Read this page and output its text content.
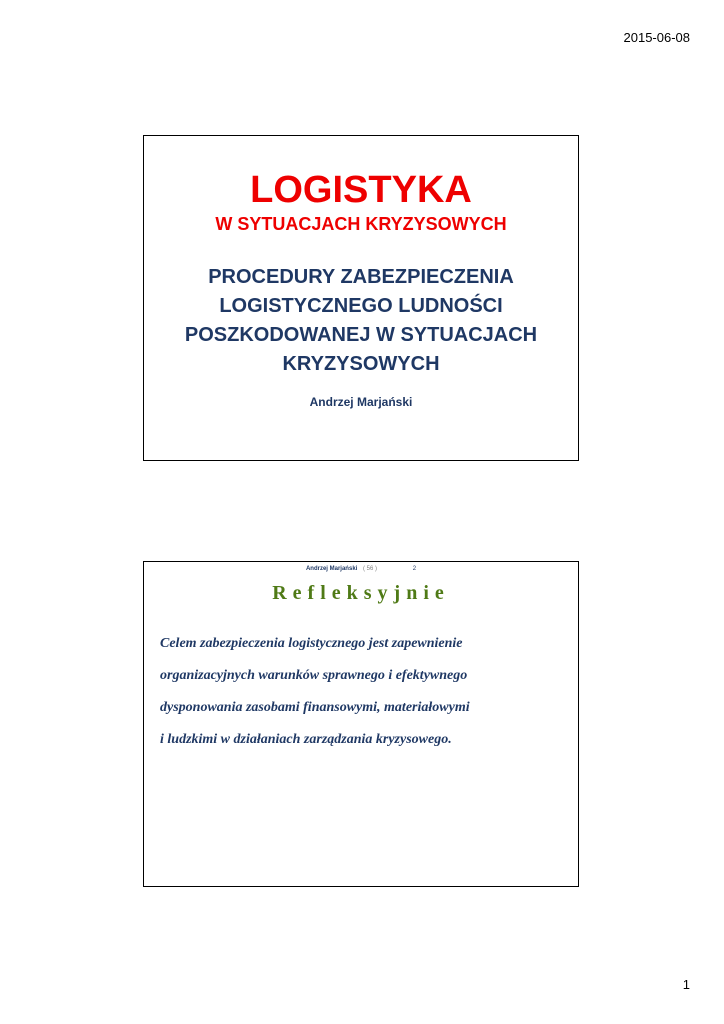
2015-06-08
LOGISTYKA
W SYTUACJACH KRYZYSOWYCH
PROCEDURY ZABEZPIECZENIA
LOGISTYCZNEGO LUDNOŚCI
POSZKODOWANEJ W SYTUACJACH
KRYZYSOWYCH
Andrzej Marjański
Andrzej Marjański ( 56 )	2
Refleksyjnie
Celem zabezpieczenia logistycznego jest zapewnienie
organizacyjnych warunków sprawnego i efektywnego
dysponowania zasobami finansowymi, materiałowymi
i ludzkimi w działaniach zarządzania kryzysowego.
1
